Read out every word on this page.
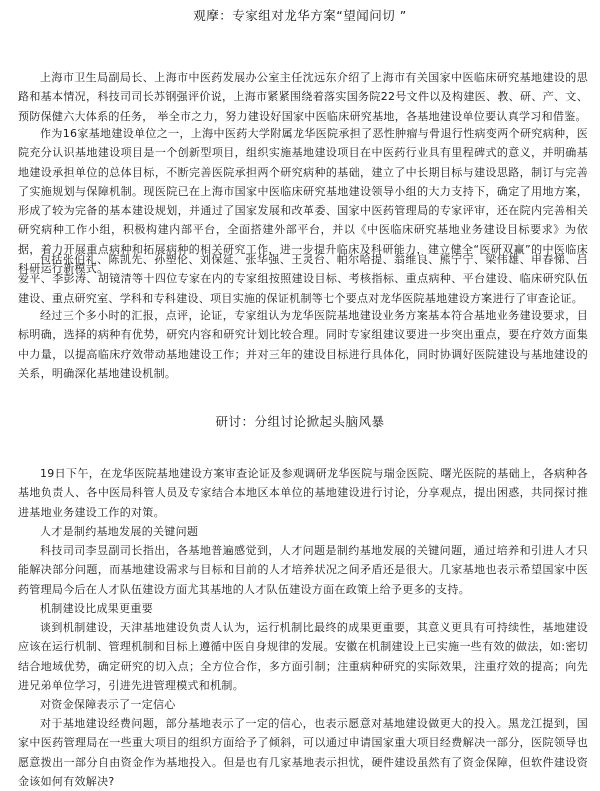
观摩：专家组对龙华方案“望闻问切 ”

上海市卫生局副局长、上海市中医药发展办公室主任沈远东介绍了上海市有关国家中医临床研究基地建设的思路和基本情况，科技司司长苏钢强评价说，上海市紧紧围绕着落实国务院22号文件以及构建医、教、研、产、文、预防保健六大体系的任务， 举全市之力，努力建设好国家中医临床研究基地，各基地建设单位要认真学习和借鉴。

作为16家基地建设单位之一，上海中医药大学附属龙华医院承担了恶性肿瘤与骨退行性病变两个研究病种，医院充分认识基地建设项目是一个创新型项目，组织实施基地建设项目在中医药行业具有里程碑式的意义，并明确基地建设承担单位的总体目标，不断完善医院承担两个研究病种的基础，建立了中长期目标与建设思路，制订与完善了实施规划与保障机制。现医院已在上海市国家中医临床研究基地建设领导小组的大力支持下，确定了用地方案，形成了较为完备的基本建设规划，并通过了国家发展和改革委、国家中医药管理局的专家评审，还在院内完善相关研究病种工作小组，积极构建内部平台，全面搭建外部平台，并以《中医临床研究基地业务建设目标要求》为依据，着力开展重点病种和拓展病种的相关研究工作，进一步提升临床及科研能力，建立健全“医研双赢”的中医临床科研运行新模式。

包括张伯礼、陈凯先、孙塑伦、刘保延、张华强、王灵台、帕尔哈提、翁维良、熊宁宁、梁伟雄、申春悌、吕爱平、李彭涛、胡镜清等十四位专家在内的专家组按照建设目标、考核指标、重点病种、平台建设、临床研究队伍建设、重点研究室、学科和专科建设、项目实施的保证机制等七个要点对龙华医院基地建设方案进行了审查论证。

经过三个多小时的汇报，点评，论证，专家组认为龙华医院基地建设业务方案基本符合基地业务建设要求，目标明确，选择的病种有优势，研究内容和研究计划比较合理。同时专家组建议要进一步突出重点，要在疗效方面集中力量，以提高临床疗效带动基地建设工作；并对三年的建设目标进行具体化，同时协调好医院建设与基地建设的关系，明确深化基地建设机制。

研讨：分组讨论掀起头脑风暴

19日下午，在龙华医院基地建设方案审查论证及参观调研龙华医院与瑞金医院、曙光医院的基础上，各病种各基地负责人、各中医局科管人员及专家结合本地区本单位的基地建设进行讨论，分享观点，提出困惑，共同探讨推进基地业务建设工作的对策。

人才是制约基地发展的关键问题

科技司司李昱副司长指出，各基地普遍感觉到，人才问题是制约基地发展的关键问题，通过培养和引进人才只能解决部分问题，而基地建设需求与目标和目前的人才培养状况之间矛盾还是很大。几家基地也表示希望国家中医药管理局今后在人才队伍建设方面尤其基地的人才队伍建设方面在政策上给予更多的支持。

机制建设比成果更重要

谈到机制建设，天津基地建设负责人认为，运行机制比最终的成果更重要，其意义更具有可持续性，基地建设应该在运行机制、管理机制和目标上遵循中医自身规律的发展。安徽在机制建设上已实施一些有效的做法，如:密切结合地域优势，确定研究的切入点；全方位合作，多方面引制；注重病种研究的实际效果，注重疗效的提高；向先进兄弟单位学习，引进先进管理模式和机制。

对资金保障表示了一定信心

对于基地建设经费问题，部分基地表示了一定的信心，也表示愿意对基地建设做更大的投入。黑龙江提到，国家中医药管理局在一些重大项目的组织方面给予了倾斜，可以通过申请国家重大项目经费解决一部分，医院领导也愿意拨出一部分自由资金作为基地投入。但是也有几家基地表示担忧，硬件建设虽然有了资金保障，但软件建设资金该如何有效解决?
